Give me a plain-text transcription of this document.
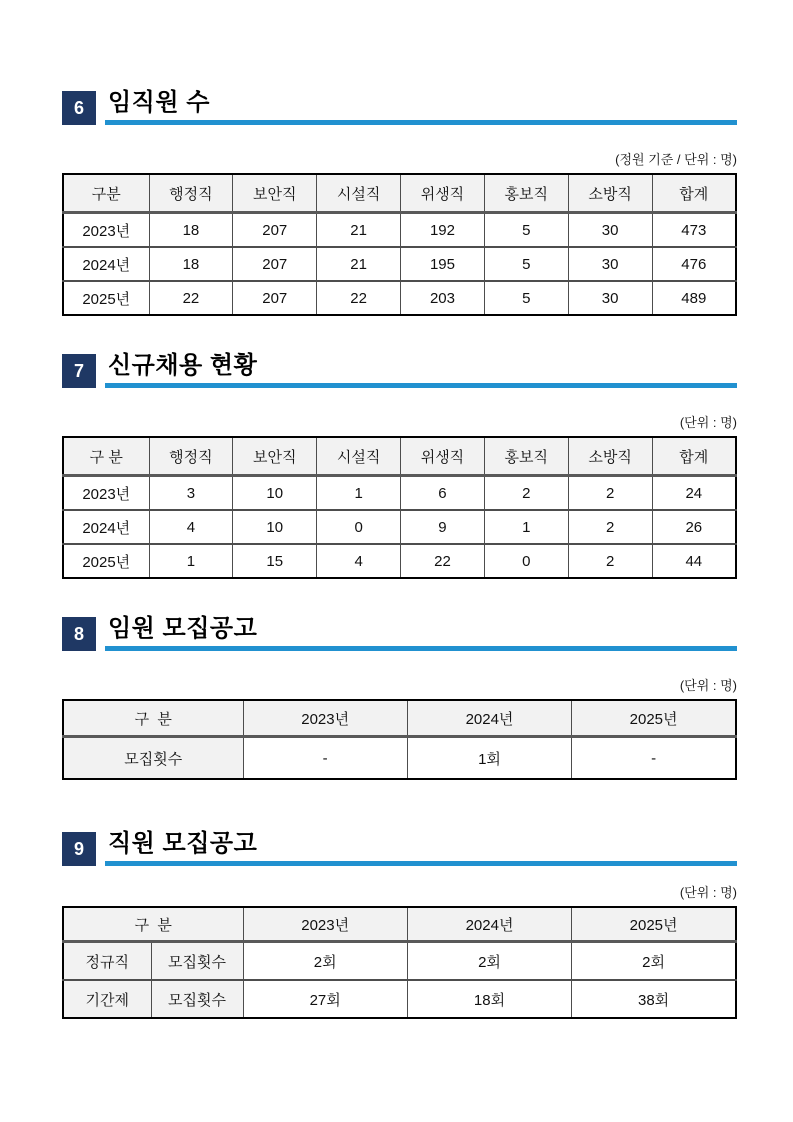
6	임직원 수
(정원 기준 / 단위 : 명)
구분	행정직	보안직	시설직	위생직	홍보직	소방직	합계
2023년	18	207	21	192	5	30	473
2024년	18	207	21	195	5	30	476
2025년	22	207	22	203	5	30	489
7	신규채용 현황
(단위 : 명)
구 분	행정직	보안직	시설직	위생직	홍보직	소방직	합계
2023년	3	10	1	6	2	2	24
2024년	4	10	0	9	1	2	26
2025년	1	15	4	22	0	2	44
8	임원 모집공고
(단위 : 명)
구  분	2023년	2024년	2025년
모집횟수	-	1회	-
9	직원 모집공고
(단위 : 명)
구  분		2023년	2024년	2025년
정규직	모집횟수	2회	2회	2회
기간제	모집횟수	27회	18회	38회
